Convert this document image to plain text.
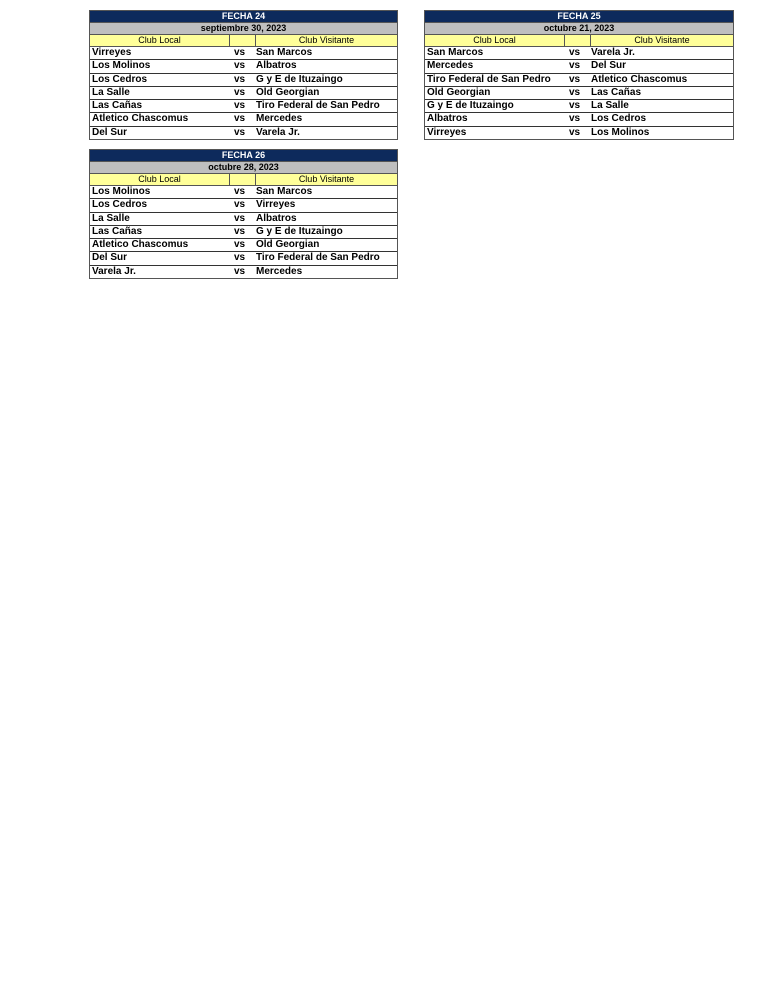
FECHA 24
septiembre 30, 2023
Club Local	Club Visitante
Virreyes	vs	San Marcos
Los Molinos	vs	Albatros
Los Cedros	vs	G y E de Ituzaingo
La Salle	vs	Old Georgian
Las Cañas	vs	Tiro Federal de San Pedro
Atletico Chascomus	vs	Mercedes
Del Sur	vs	Varela Jr.
FECHA 25
octubre 21, 2023
Club Local	Club Visitante
San Marcos	vs	Varela Jr.
Mercedes	vs	Del Sur
Tiro Federal de San Pedro	vs	Atletico Chascomus
Old Georgian	vs	Las Cañas
G y E de Ituzaingo	vs	La Salle
Albatros	vs	Los Cedros
Virreyes	vs	Los Molinos
FECHA 26
octubre 28, 2023
Club Local	Club Visitante
Los Molinos	vs	San Marcos
Los Cedros	vs	Virreyes
La Salle	vs	Albatros
Las Cañas	vs	G y E de Ituzaingo
Atletico Chascomus	vs	Old Georgian
Del Sur	vs	Tiro Federal de San Pedro
Varela Jr.	vs	Mercedes
